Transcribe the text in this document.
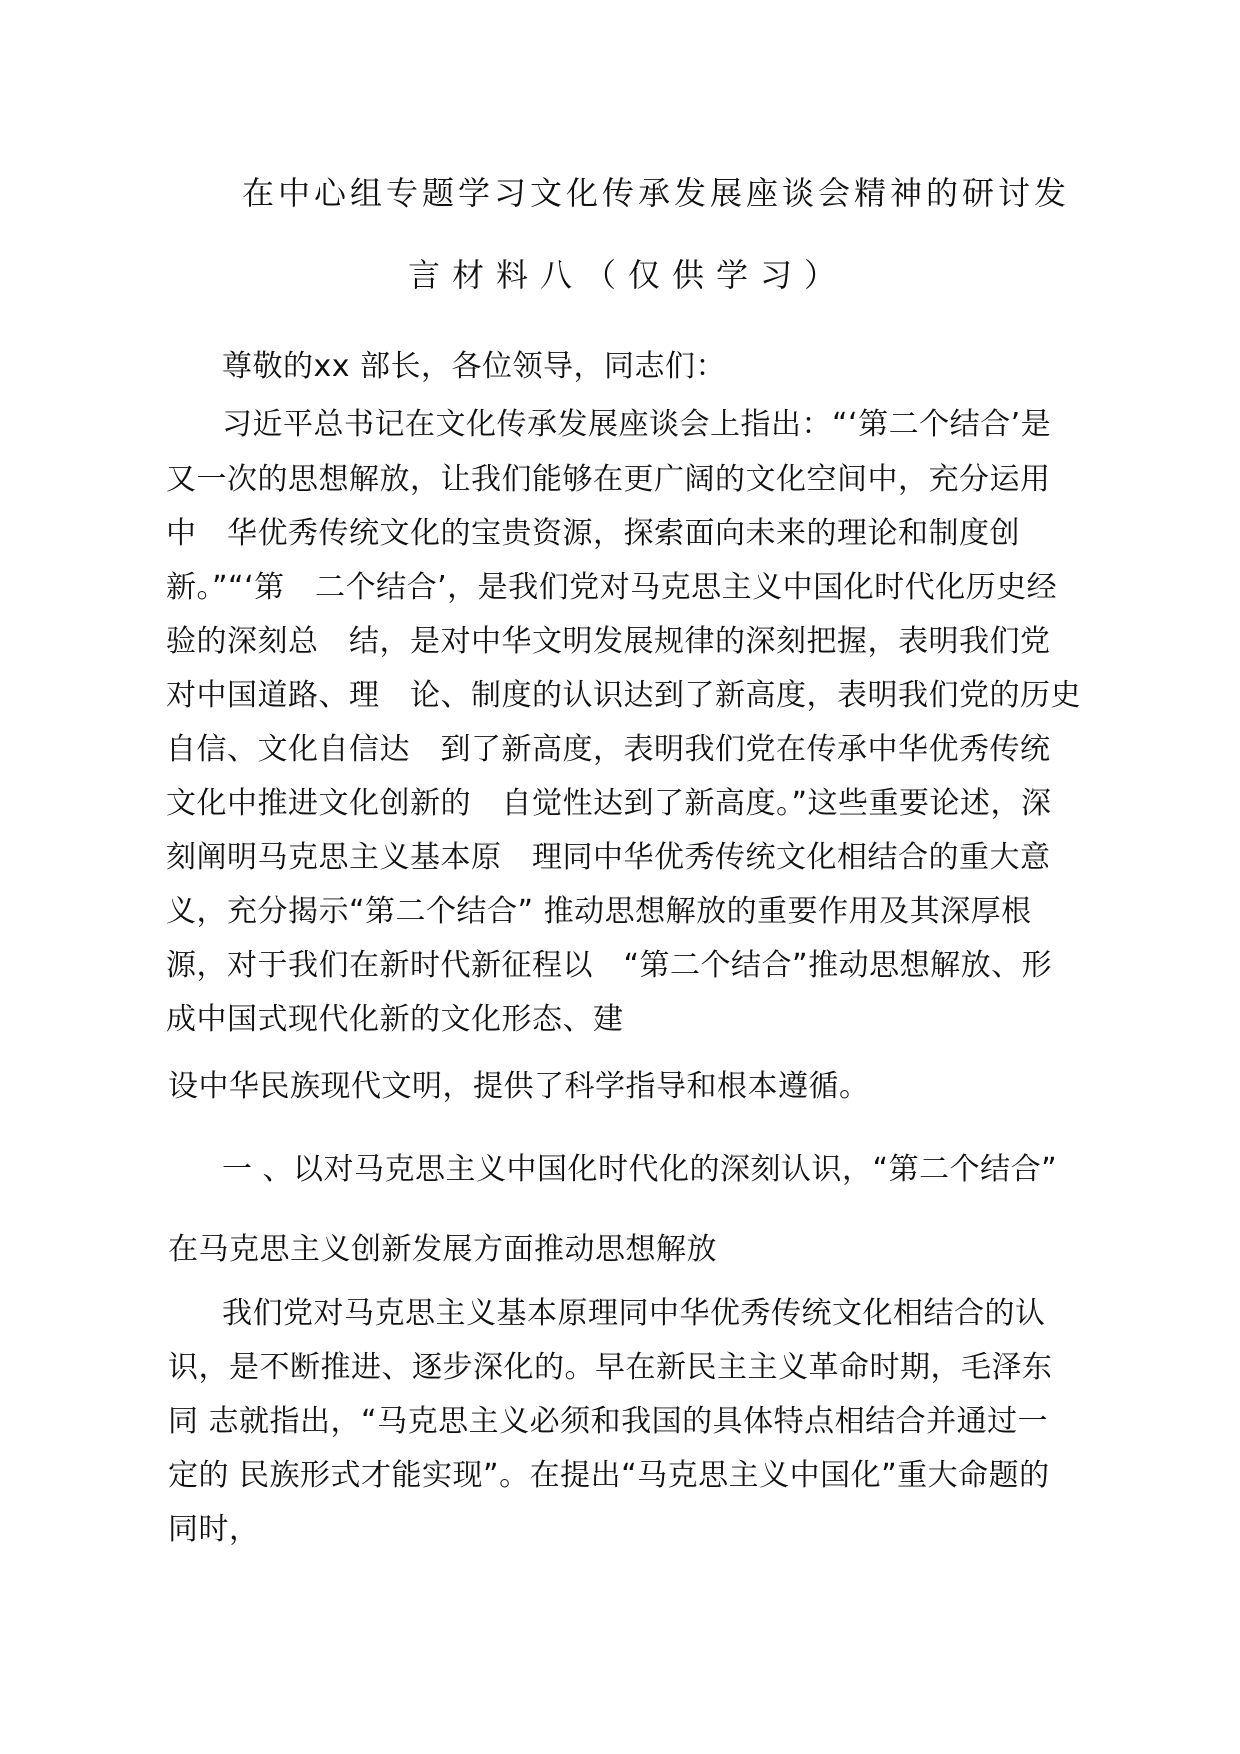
在中心组专题学习文化传承发展座谈会精神的研讨发
言材料八（仅供学习）
尊敬的xx 部长，各位领导，同志们：
习近平总书记在文化传承发展座谈会上指出：“‘第二个结合’是
又一次的思想解放，让我们能够在更广阔的文化空间中，充分运用
中　华优秀传统文化的宝贵资源，探索面向未来的理论和制度创
新。”“‘第　二个结合’，是我们党对马克思主义中国化时代化历史经
验的深刻总　结，是对中华文明发展规律的深刻把握，表明我们党
对中国道路、理　论、制度的认识达到了新高度，表明我们党的历史
自信、文化自信达　到了新高度，表明我们党在传承中华优秀传统
文化中推进文化创新的　自觉性达到了新高度。”这些重要论述，深
刻阐明马克思主义基本原　理同中华优秀传统文化相结合的重大意
义，充分揭示“第二个结合” 推动思想解放的重要作用及其深厚根
源，对于我们在新时代新征程以　“第二个结合”推动思想解放、形
成中国式现代化新的文化形态、建
设中华民族现代文明，提供了科学指导和根本遵循。
一 、以对马克思主义中国化时代化的深刻认识，“第二个结合”
在马克思主义创新发展方面推动思想解放
我们党对马克思主义基本原理同中华优秀传统文化相结合的认
识，是不断推进、逐步深化的。早在新民主主义革命时期，毛泽东
同 志就指出，“马克思主义必须和我国的具体特点相结合并通过一
定的 民族形式才能实现”。在提出“马克思主义中国化”重大命题的
同时，
